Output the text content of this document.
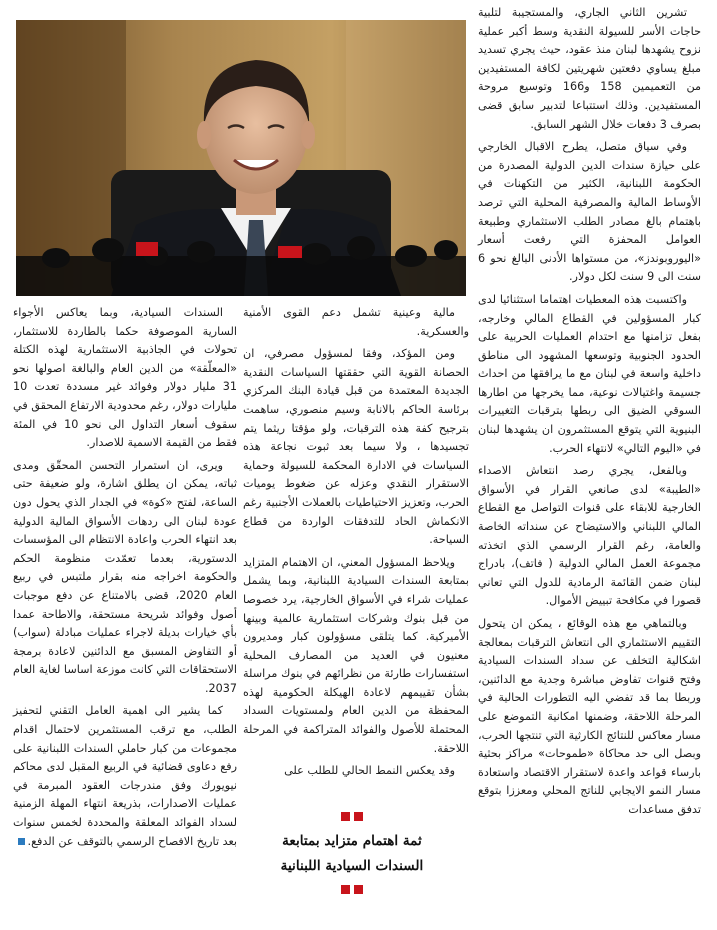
تشرين الثاني الجاري، والمستجيبة لتلبية حاجات الأسر للسيولة النقدية وسط أكبر عملية نزوح يشهدها لبنان منذ عقود، حيث يجري تسديد مبلغ يساوي دفعتين شهريتين لكافة المستفيدين من التعميمين 158 و166 وتوسيع مروحة المستفيدين. وذلك استتباعا لتدبير سابق قضى بصرف 3 دفعات خلال الشهر السابق.

وفي سياق متصل، يطرح الاقبال الخارجي على حيازة سندات الدين الدولية المصدرة من الحكومة اللبنانية، الكثير من التكهنات في الأوساط المالية والمصرفية المحلية التي ترصد باهتمام بالغ مصادر الطلب الاستثماري وطبيعة العوامل المحفزة التي رفعت أسعار «اليوروبوندز»، من مستواها الأدنى البالغ نحو 6 سنت الى 9 سنت لكل دولار.

واكتسبت هذه المعطيات اهتماما استثنائيا لدى كبار المسؤولين في القطاع المالي وخارجه، بفعل تزامنها مع احتدام العمليات الحربية على الحدود الجنوبية وتوسعها المشهود الى مناطق داخلية واسعة في لبنان مع ما يرافقها من احداث جسيمة واغتيالات نوعية، مما يخرجها من اطارها السوقي الضيق الى ربطها بترقبات التغييرات البنيوية التي يتوقع المستثمرون ان يشهدها لبنان في «اليوم التالي» لانتهاء الحرب.

وبالفعل، يجري رصد انتعاش الاصداء «الطيبة» لدى صانعي القرار في الأسواق الخارجية للابقاء على قنوات التواصل مع القطاع المالي اللبناني والاستيضاح عن سنداته الخاصة والعامة، رغم القرار الرسمي الذي اتخذته مجموعة العمل المالي الدولية ( فاتف)، بادراج لبنان ضمن القائمة الرمادية للدول التي تعاني قصورا في مكافحة تبييض الأموال.

وبالتماهي مع هذه الوقائع ، يمكن ان يتحول التقييم الاستثماري الى انتعاش الترقبات بمعالجة اشكالية التخلف عن سداد السندات السيادية وفتح قنوات تفاوض مباشرة وجدية مع الدائنين، وربطا بما قد تفضي اليه التطورات الحالية في المرحلة اللاحقة، وضمنها امكانية التموضع على مسار معاكس للنتائج الكارثية التي تنتجها الحرب، وبصل الى حد محاكاة «طموحات» مراكز بحثية بارساء قواعد واعدة لاستقرار الاقتصاد واستعادة مسار النمو الايجابي للناتج المحلي ومعززا بتوقع تدفق مساعدات

مالية وعينية تشمل دعم القوى الأمنية والعسكرية.

ومن المؤكد، وفقا لمسؤول مصرفي، ان الحصانة القوية التي حققتها السياسات النقدية الجديدة المعتمدة من قبل قيادة البنك المركزي برئاسة الحاكم بالانابة وسيم منصوري، ساهمت بترجيح كفة هذه الترقبات، ولو مؤقتا ريثما يتم تجسيدها ، ولا سيما بعد ثبوت نجاعة هذه السياسات في الادارة المحكمة للسيولة وحماية الاستقرار النقدي وعزله عن ضغوط يوميات الحرب، وتعزيز الاحتياطيات بالعملات الأجنبية رغم الانكماش الحاد للتدفقات الواردة من قطاع السياحة.

ويلاحظ المسؤول المعني، ان الاهتمام المتزايد بمتابعة السندات السيادية اللبنانية، وبما يشمل عمليات شراء في الأسواق الخارجية، يرد خصوصا من قبل بنوك وشركات استثمارية عالمية وبينها الأميركية. كما يتلقى مسؤولون كبار ومديرون معنيون في العديد من المصارف المحلية استفسارات طارئة من نظرائهم في بنوك مراسلة بشأن تقييمهم لاعادة الهيكلة الحكومية لهذه المحفظة من الدين العام ولمستويات السداد المحتملة للأصول والفوائد المتراكمة في المرحلة اللاحقة.

وقد يعكس النمط الحالي للطلب على

السندات السيادية، وبما يعاكس الأجواء السارية الموصوفة حكما بالطاردة للاستثمار، تحولات في الجاذبية الاستثمارية لهذه الكتلة «المعلّقة» من الدين العام والبالغة اصولها نحو 31 مليار دولار وفوائد غير مسددة تعدت 10 مليارات دولار، رغم محدودية الارتفاع المحقق في سقوف أسعار التداول الى نحو 10 في المئة فقط من القيمة الاسمية للاصدار.

ويرى، ان استمرار التحسن المحقّق ومدى ثباته، يمكن ان يطلق اشارة، ولو ضعيفة حتى الساعة، لفتح «كوة» في الجدار الذي يحول دون عودة لبنان الى ردهات الأسواق المالية الدولية بعد انتهاء الحرب واعادة الانتظام الى المؤسسات الدستورية، بعدما تعمّدت منظومة الحكم والحكومة اخراجه منه بقرار ملتبس في ربيع العام 2020، قضى بالامتناع عن دفع موجبات أصول وفوائد شريحة مستحقة، والاطاحة عمدا بأي خيارات بديلة لاجراء عمليات مبادلة (سواب) أو التفاوض المسبق مع الدائنين لاعادة برمجة الاستحقاقات التي كانت موزعة اساسا لغاية العام 2037.

كما يشير الى اهمية العامل التقني لتحفيز الطلب، مع ترقب المستثمرين لاحتمال اقدام مجموعات من كبار حاملي السندات اللبنانية على رفع دعاوى قضائية في الربيع المقبل لدى محاكم نيويورك وفق مندرجات العقود المبرمة في عمليات الاصدارات، بذريعة انتهاء المهلة الزمنية لسداد الفوائد المعلقة والمحددة لخمس سنوات بعد تاريخ الافصاح الرسمي بالتوقف عن الدفع.	ثمة اهتمام متزايد بمتابعة
السندات السيادية اللبنانية
